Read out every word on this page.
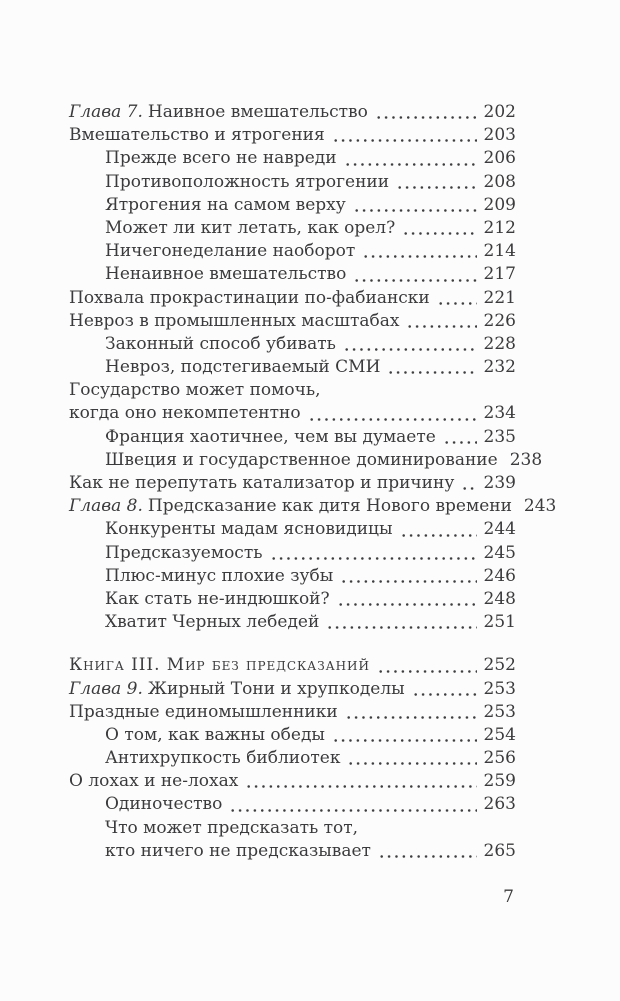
Глава 7. Наивное вмешательство	202
Вмешательство и ятрогения	203
Прежде всего не навреди	206
Противоположность ятрогении	208
Ятрогения на самом верху	209
Может ли кит летать, как орел?	212
Ничегонеделание наоборот	214
Ненаивное вмешательство	217
Похвала прокрастинации по-фабиански	221
Невроз в промышленных масштабах	226
Законный способ убивать	228
Невроз, подстегиваемый СМИ	232
Государство может помочь,
когда оно некомпетентно	234
Франция хаотичнее, чем вы думаете	235
Швеция и государственное доминирование 238
Как не перепутать катализатор и причину 239
Глава 8. Предсказание как дитя Нового времени 243
Конкуренты мадам ясновидицы	244
Предсказуемость	245
Плюс-минус плохие зубы	246
Как стать не-индюшкой?	248
Хватит Черных лебедей	251
Книга III. Мир без предсказаний	252
Глава 9. Жирный Тони и хрупкоделы	253
Праздные единомышленники	253
О том, как важны обеды	254
Антихрупкость библиотек	256
О лохах и не-лохах	259
Одиночество	263
Что может предсказать тот,
кто ничего не предсказывает	265
7
